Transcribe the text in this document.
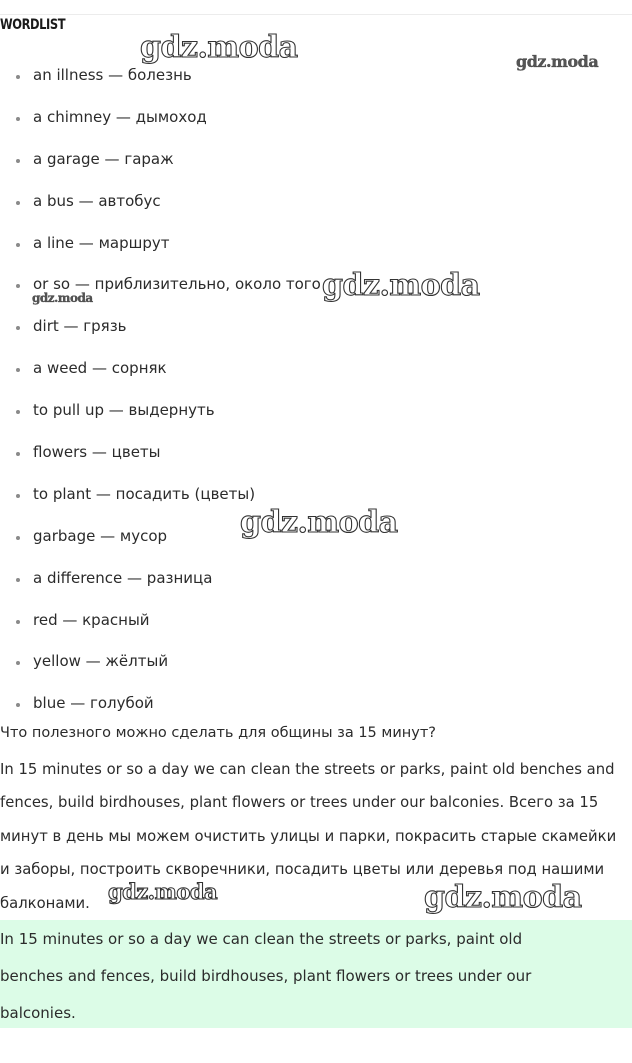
WORDLIST
an illness — болезнь
a chimney — дымоход
a garage — гараж
a bus — автобус
a line — маршрут
or so — приблизительно, около того
dirt — грязь
a weed — сорняк
to pull up — выдернуть
flowers — цветы
to plant — посадить (цветы)
garbage — мусор
a difference — разница
red — красный
yellow — жёлтый
blue — голубой
Что полезного можно сделать для общины за 15 минут?

In 15 minutes or so a day we can clean the streets or parks, paint old benches and

fences, build birdhouses, plant flowers or trees under our balconies. Всего за 15

минут в день мы можем очистить улицы и парки, покрасить старые скамейки

и заборы, построить скворечники, посадить цветы или деревья под нашими

балконами.

In 15 minutes or so a day we can clean the streets or parks, paint old

benches and fences, build birdhouses, plant flowers or trees under our

balconies.

gdz.moda	gdz.moda
gdz.moda
gdz.moda
gdz.moda
gdz.moda	gdz.moda
